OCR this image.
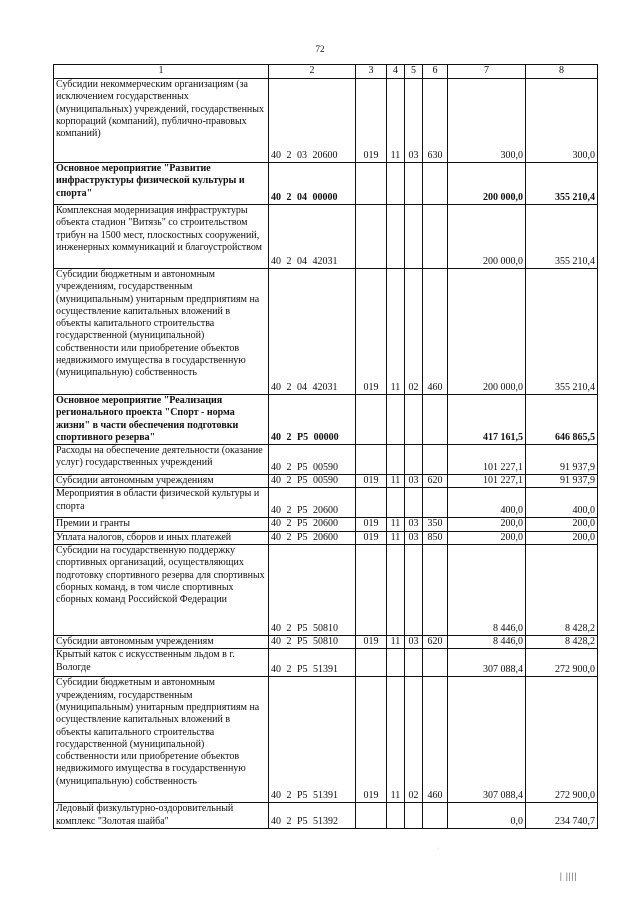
72
1	2	3	4	5	6	7	8
Субсидии некоммерческим организациям (за исключением государственных (муниципальных) учреждений, государственных корпораций (компаний), публично-правовых компаний)	40 2 03 20600	019	11	03	630	300,0	300,0
Основное мероприятие "Развитие инфраструктуры физической культуры и спорта"	40 2 04 00000					200 000,0	355 210,4
Комплексная модернизация инфраструктуры объекта стадион "Витязь" со строительством трибун на 1500 мест, плоскостных сооружений, инженерных коммуникаций и благоустройством	40 2 04 42031					200 000,0	355 210,4
Субсидии бюджетным и автономным учреждениям, государственным (муниципальным) унитарным предприятиям на осуществление капитальных вложений в объекты капитального строительства государственной (муниципальной) собственности или приобретение объектов недвижимого имущества в государственную (муниципальную) собственность	40 2 04 42031	019	11	02	460	200 000,0	355 210,4
Основное мероприятие "Реализация регионального проекта "Спорт - норма жизни" в части обеспечения подготовки спортивного резерва"	40 2 P5 00000					417 161,5	646 865,5
Расходы на обеспечение деятельности (оказание услуг) государственных учреждений	40 2 P5 00590					101 227,1	91 937,9
Субсидии автономным учреждениям	40 2 P5 00590	019	11	03	620	101 227,1	91 937,9
Мероприятия в области физической культуры и спорта	40 2 P5 20600					400,0	400,0
Премии и гранты	40 2 P5 20600	019	11	03	350	200,0	200,0
Уплата налогов, сборов и иных платежей	40 2 P5 20600	019	11	03	850	200,0	200,0
Субсидии на государственную поддержку спортивных организаций, осуществляющих подготовку спортивного резерва для спортивных сборных команд, в том числе спортивных сборных команд Российской Федерации	40 2 P5 50810					8 446,0	8 428,2
Субсидии автономным учреждениям	40 2 P5 50810	019	11	03	620	8 446,0	8 428,2
Крытый каток с искусственным льдом в г. Вологде	40 2 P5 51391					307 088,4	272 900,0
Субсидии бюджетным и автономным учреждениям, государственным (муниципальным) унитарным предприятиям на осуществление капитальных вложений в объекты капитального строительства государственной (муниципальной) собственности или приобретение объектов недвижимого имущества в государственную (муниципальную) собственность	40 2 P5 51391	019	11	02	460	307 088,4	272 900,0
Ледовый физкультурно-оздоровительный комплекс "Золотая шайба"	40 2 P5 51392					0,0	234 740,7
·
| ||||
